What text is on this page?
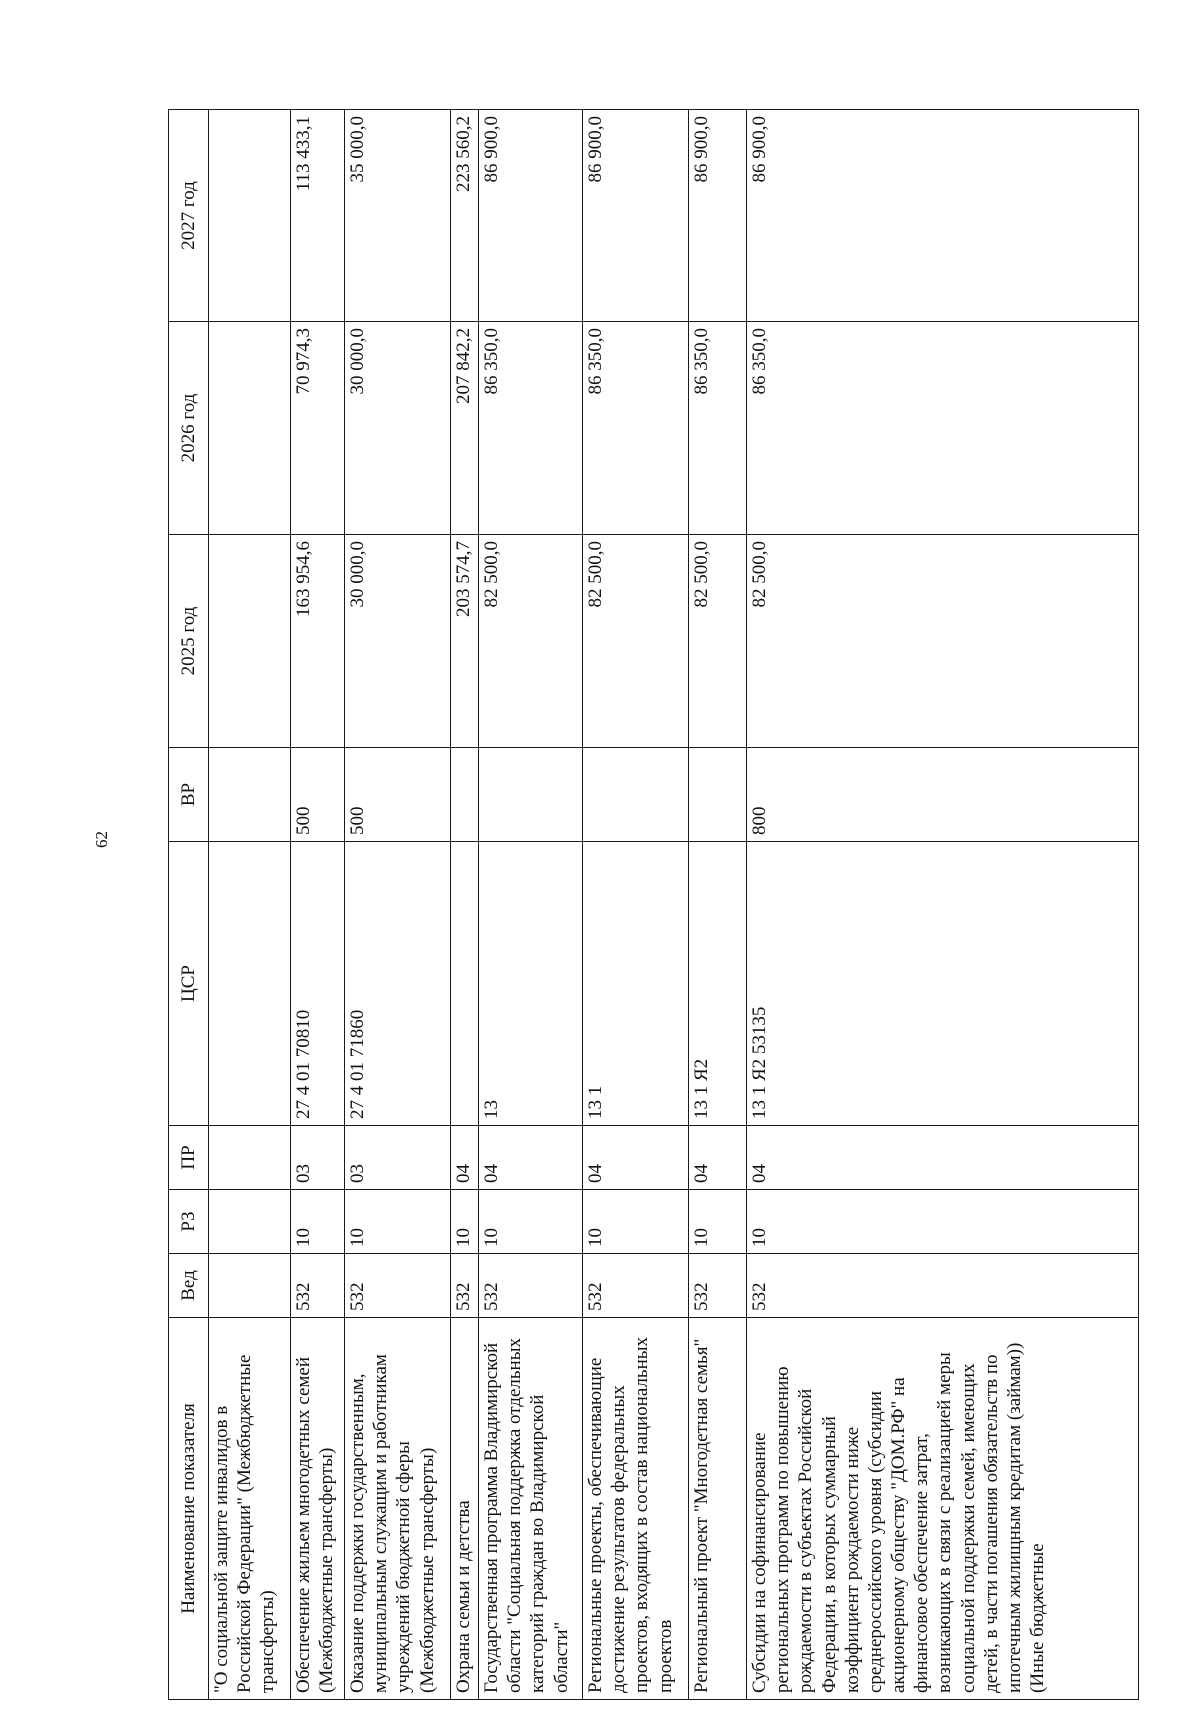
62
Наименование показателя	Вед	РЗ	ПР	ЦСР	ВР	2025 год	2026 год	2027 год
"О социальной защите инвалидов в Российской Федерации" (Межбюджетные трансферты)								
Обеспечение жильем многодетных семей (Межбюджетные трансферты)	532	10	03	27 4 01 70810	500	163 954,6	70 974,3	113 433,1
Оказание поддержки государственным, муниципальным служащим и работникам учреждений бюджетной сферы (Межбюджетные трансферты)	532	10	03	27 4 01 71860	500	30 000,0	30 000,0	35 000,0
Охрана семьи и детства	532	10	04			203 574,7	207 842,2	223 560,2
Государственная программа Владимирской области "Социальная поддержка отдельных категорий граждан во Владимирской области"	532	10	04	13		82 500,0	86 350,0	86 900,0
Региональные проекты, обеспечивающие достижение результатов федеральных проектов, входящих в состав национальных проектов	532	10	04	13 1		82 500,0	86 350,0	86 900,0
Региональный проект "Многодетная семья"	532	10	04	13 1 Я2		82 500,0	86 350,0	86 900,0
Субсидии на софинансирование региональных программ по повышению рождаемости в субъектах Российской Федерации, в которых суммарный коэффициент рождаемости ниже среднероссийского уровня (субсидии акционерному обществу "ДОМ.РФ" на финансовое обеспечение затрат, возникающих в связи с реализацией меры социальной поддержки семей, имеющих детей, в части погашения обязательств по ипотечным жилищным кредитам (займам)) (Иные бюджетные	532	10	04	13 1 Я2 53135	800	82 500,0	86 350,0	86 900,0
